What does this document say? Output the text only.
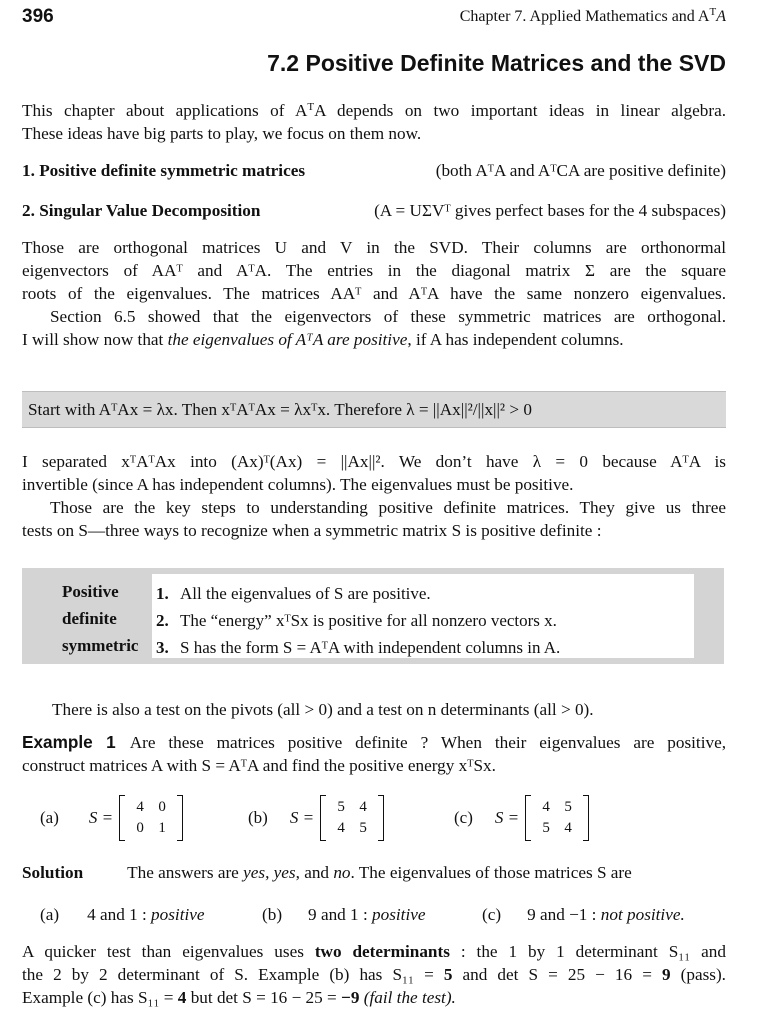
396	Chapter 7. Applied Mathematics and $A^TA$
7.2 Positive Definite Matrices and the SVD
This chapter about applications of $A^TA$ depends on two important ideas in linear algebra.
These ideas have big parts to play, we focus on them now.
1. Positive definite symmetric matrices	(both AᵀA and AᵀCA are positive definite)
2. Singular Value Decomposition	(A = UΣVᵀ gives perfect bases for the 4 subspaces)
Those are orthogonal matrices U and V in the SVD. Their columns are orthonormal
eigenvectors of AAᵀ and AᵀA. The entries in the diagonal matrix Σ are the square
roots of the eigenvalues. The matrices AAᵀ and AᵀA have the same nonzero eigenvalues.
Section 6.5 showed that the eigenvectors of these symmetric matrices are orthogonal.
I will show now that the eigenvalues of AᵀA are positive, if A has independent columns.
Start with AᵀAx = λx. Then xᵀAᵀAx = λxᵀx. Therefore λ = ||Ax||²/||x||² > 0
I separated xᵀAᵀAx into (Ax)ᵀ(Ax) = ||Ax||². We don’t have λ = 0 because AᵀA is
invertible (since A has independent columns). The eigenvalues must be positive.
Those are the key steps to understanding positive definite matrices. They give us three
tests on S—three ways to recognize when a symmetric matrix S is positive definite :
Positive
definite
symmetric
1. All the eigenvalues of S are positive.
2. The “energy” xᵀSx is positive for all nonzero vectors x.
3. S has the form S = AᵀA with independent columns in A.
There is also a test on the pivots (all > 0) and a test on n determinants (all > 0).
Example 1 Are these matrices positive definite ? When their eigenvalues are positive,
construct matrices A with S = AᵀA and find the positive energy xᵀSx.
(a) S =
4 0
0 1
(b) S =
5 4
4 5
(c) S =
4 5
5 4
Solution	The answers are yes, yes, and no. The eigenvalues of those matrices S are
(a) 4 and 1 : positive	(b) 9 and 1 : positive	(c) 9 and −1 : not positive.
A quicker test than eigenvalues uses two determinants : the 1 by 1 determinant S₁₁ and
the 2 by 2 determinant of S. Example (b) has S₁₁ = 5 and det S = 25 − 16 = 9 (pass).
Example (c) has S₁₁ = 4 but det S = 16 − 25 = −9 (fail the test).
